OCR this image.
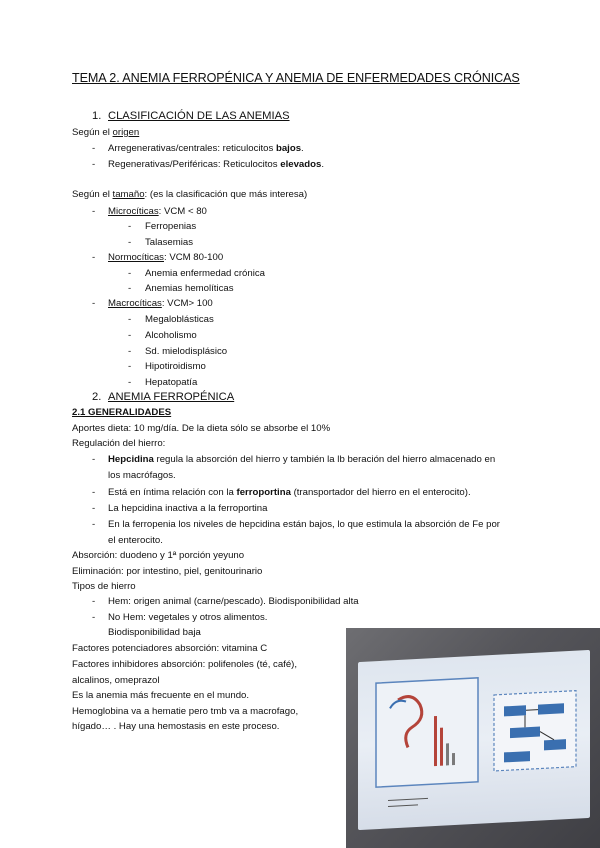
TEMA 2. ANEMIA FERROPÉNICA Y ANEMIA DE ENFERMEDADES CRÓNICAS
1. CLASIFICACIÓN DE LAS ANEMIAS
Según el origen
- Arregenerativas/centrales: reticulocitos bajos.
- Regenerativas/Periféricas: Reticulocitos elevados.
Según el tamaño: (es la clasificación que más interesa)
- Microcíticas: VCM < 80
- Ferropenias
- Talasemias
- Normocíticas: VCM 80-100
- Anemia enfermedad crónica
- Anemias hemolíticas
- Macrocíticas: VCM> 100
- Megaloblásticas
- Alcoholismo
- Sd. mielodisplásico
- Hipotiroidismo
- Hepatopatía
2. ANEMIA FERROPÉNICA
2.1 GENERALIDADES
Aportes dieta: 10 mg/día. De la dieta sólo se absorbe el 10%
Regulación del hierro:
- Hepcidina regula la absorción del hierro y también la lb beración del hierro almacenado en
los macrófagos.
- Está en íntima relación con la ferroportina (transportador del hierro en el enterocito).
- La hepcidina inactiva a la ferroportina
- En la ferropenia los niveles de hepcidina están bajos, lo que estimula la absorción de Fe por
el enterocito.
Absorción: duodeno y 1ª porción yeyuno
Eliminación: por intestino, piel, genitourinario
Tipos de hierro
- Hem: origen animal (carne/pescado). Biodisponibilidad alta
- No Hem: vegetales y otros alimentos.
Biodisponibilidad baja
Factores potenciadores absorción: vitamina C
Factores inhibidores absorción: polifenoles (té, café),
alcalinos, omeprazol
Es la anemia más frecuente en el mundo.
Hemoglobina va a hematie pero tmb va a macrofago,
hígado… . Hay una hemostasis en este proceso.
